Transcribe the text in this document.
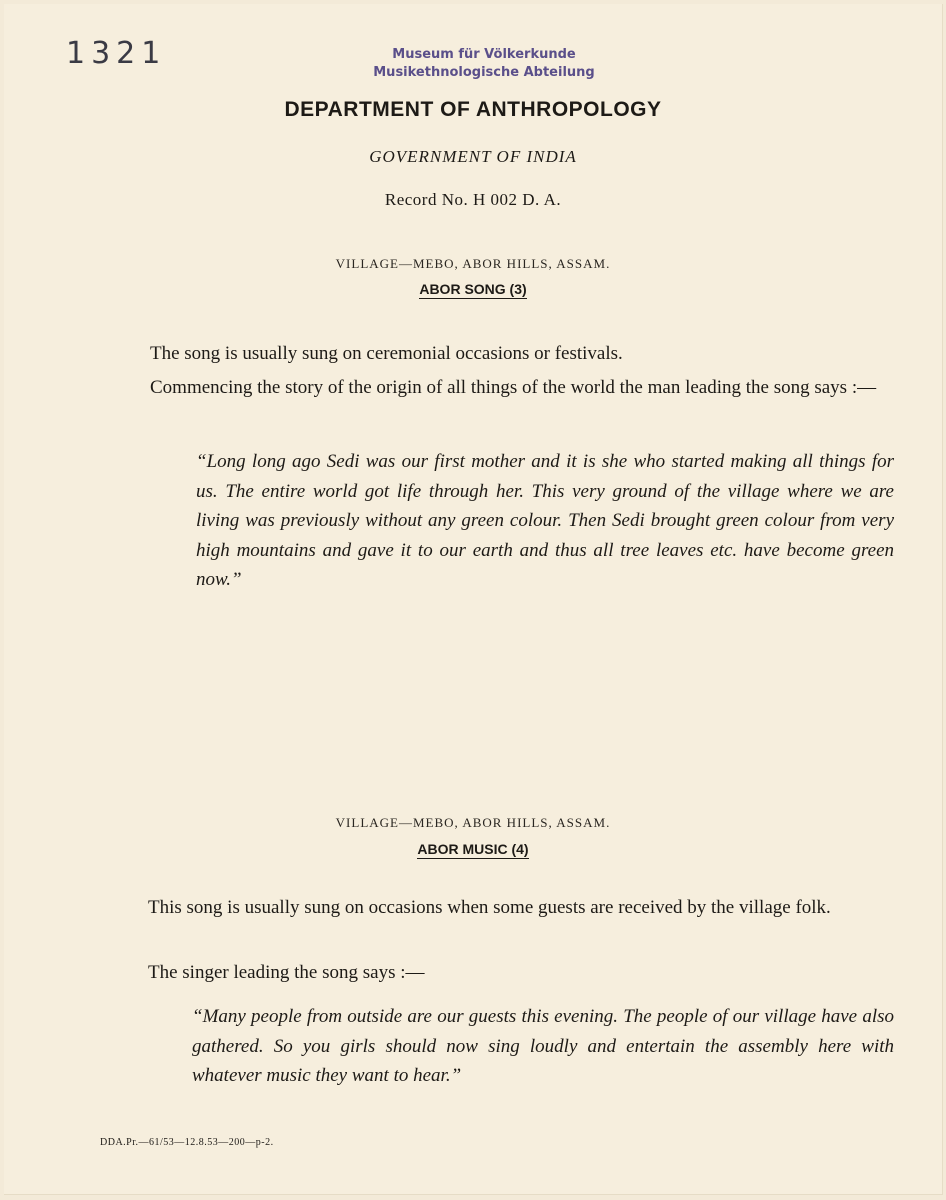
1321	Museum für Völkerkunde
Musikethnologische Abteilung
DEPARTMENT OF ANTHROPOLOGY
GOVERNMENT OF INDIA
Record No. H 002 D. A.
VILLAGE—MEBO, ABOR HILLS, ASSAM.
ABOR SONG (3)

The song is usually sung on ceremonial occasions or festivals.

Commencing the story of the origin of all things of the world the man leading the song says :—

“Long long ago Sedi was our first mother and it is she who started making all things for us. The entire world got life through her. This very ground of the village where we are living was previously without any green colour. Then Sedi brought green colour from very high mountains and gave it to our earth and thus all tree leaves etc. have become green now.”

VILLAGE—MEBO, ABOR HILLS, ASSAM.
ABOR MUSIC (4)

This song is usually sung on occasions when some guests are received by the village folk.

The singer leading the song says :—

“Many people from outside are our guests this evening. The people of our village have also gathered. So you girls should now sing loudly and entertain the assembly here with whatever music they want to hear.”

DDA.Pr.—61/53—12.8.53—200—p-2.
